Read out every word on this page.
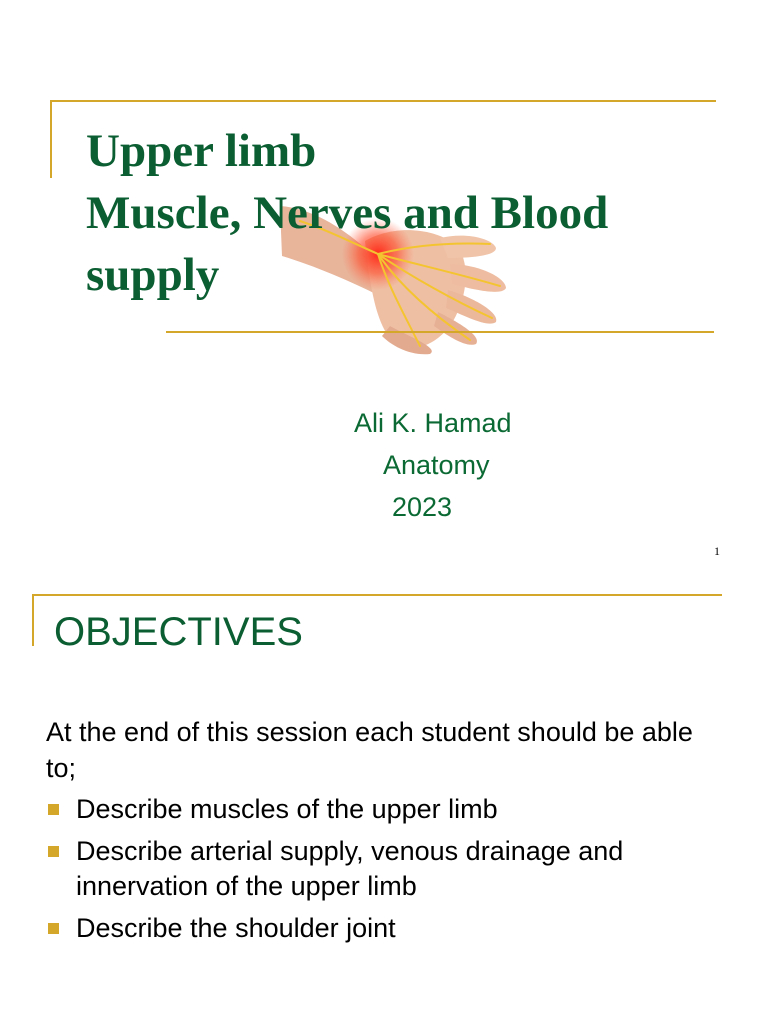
Upper limb
Muscle, Nerves and Blood
supply
Ali K. Hamad
Anatomy
2023
1
OBJECTIVES

At the end of this session each student should be able to;

Describe muscles of the upper limb
Describe arterial supply, venous drainage and innervation of the upper limb
Describe the shoulder joint
